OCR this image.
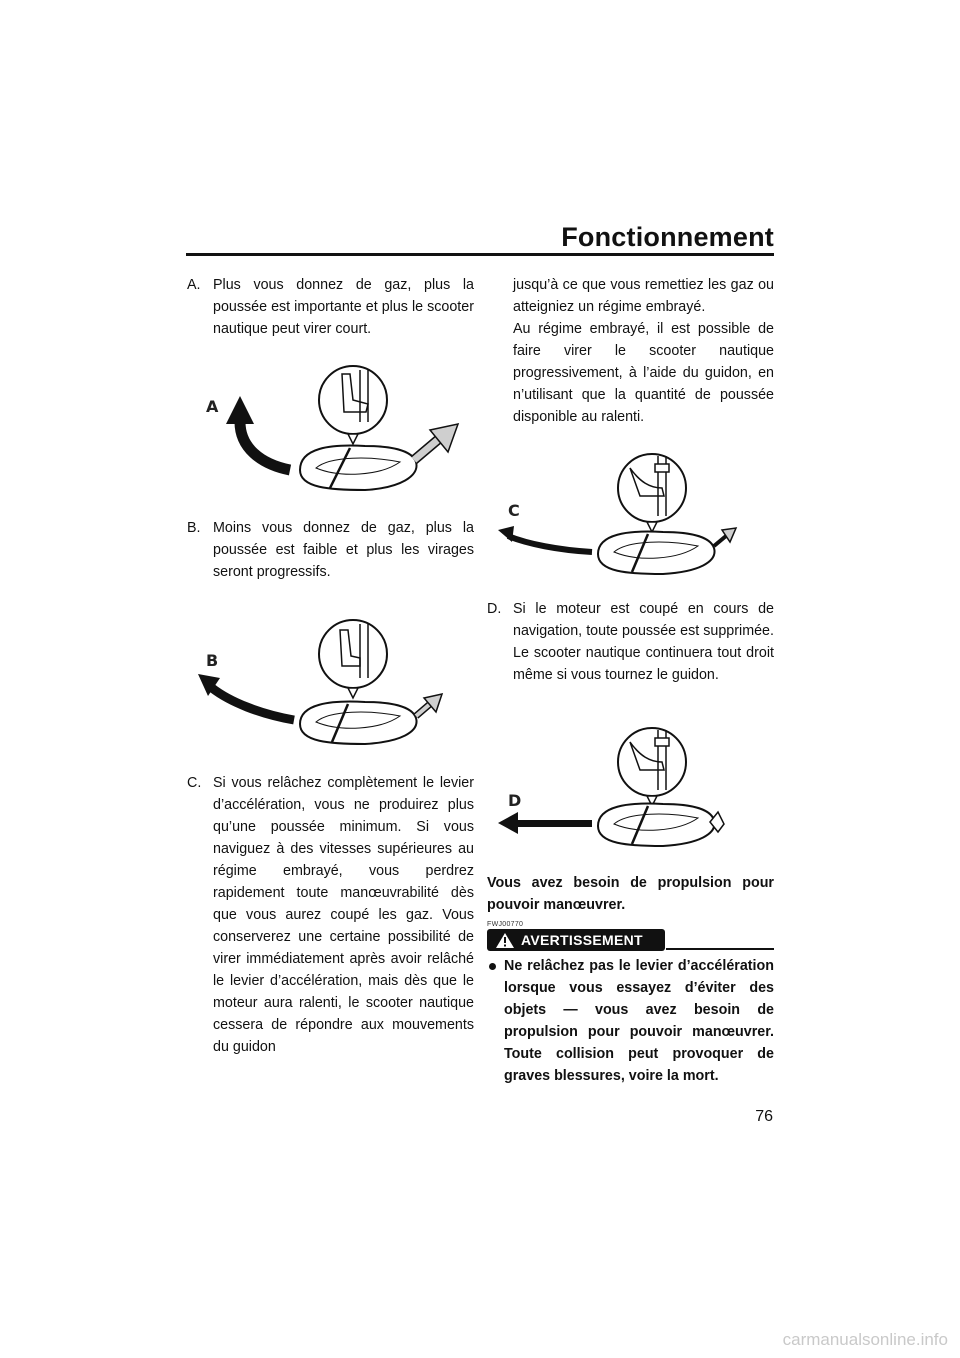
Fonctionnement
A. Plus vous donnez de gaz, plus la poussée est importante et plus le scooter nautique peut virer court.
A
B. Moins vous donnez de gaz, plus la poussée est faible et plus les virages seront progressifs.
B
C. Si vous relâchez complètement le levier d’accélération, vous ne produirez plus qu’une poussée minimum. Si vous naviguez à des vitesses supérieures au régime embrayé, vous perdrez rapidement toute manœuvrabilité dès que vous aurez coupé les gaz. Vous conserverez une certaine possibilité de virer immédiatement après avoir relâché le levier d’accélération, mais dès que le moteur aura ralenti, le scooter nautique cessera de répondre aux mouvements du guidon
jusqu’à ce que vous remettiez les gaz ou atteigniez un régime embrayé.
Au régime embrayé, il est possible de faire virer le scooter nautique progressivement, à l’aide du guidon, en n’utilisant que la quantité de poussée disponible au ralenti.
C
D. Si le moteur est coupé en cours de navigation, toute poussée est supprimée. Le scooter nautique continuera tout droit même si vous tournez le guidon.
D
Vous avez besoin de propulsion pour pouvoir manœuvrer.
FWJ00770
AVERTISSEMENT
Ne relâchez pas le levier d’accélération lorsque vous essayez d’éviter des objets — vous avez besoin de propulsion pour pouvoir manœuvrer. Toute collision peut provoquer de graves blessures, voire la mort.
76
carmanualsonline.info
